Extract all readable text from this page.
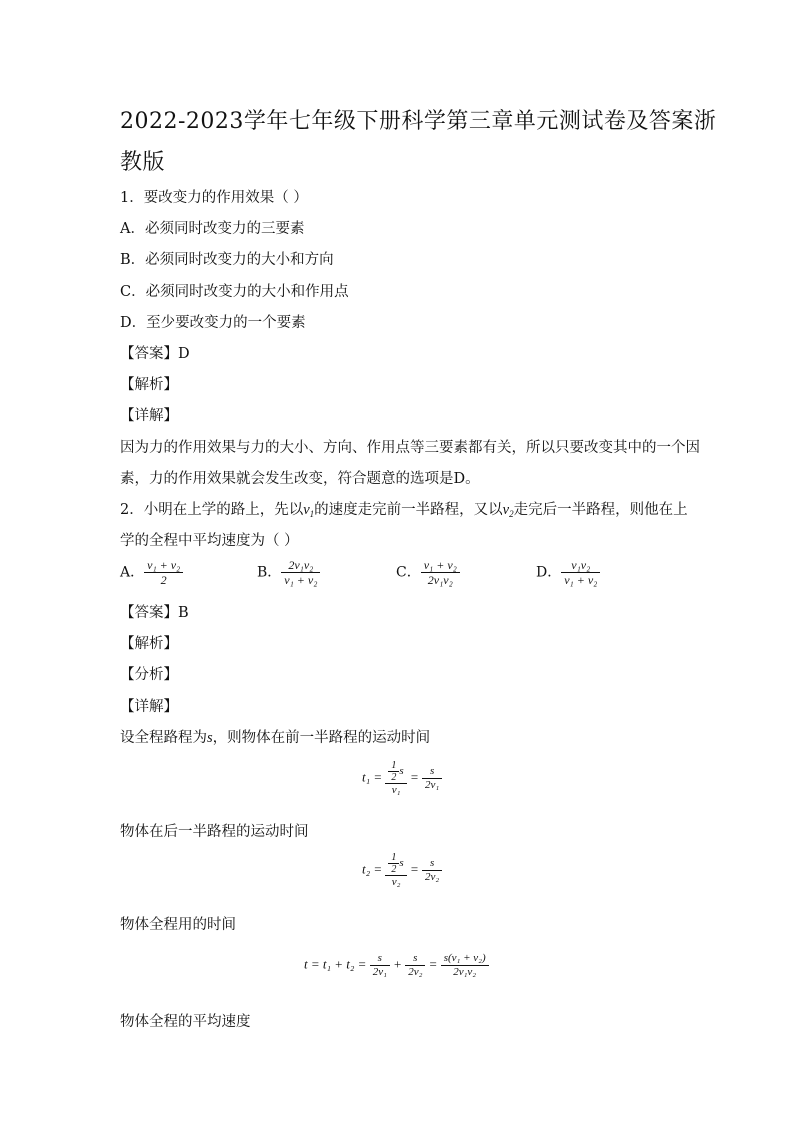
2022-2023学年七年级下册科学第三章单元测试卷及答案浙
教版
1．要改变力的作用效果（ ）
A．必须同时改变力的三要素
B．必须同时改变力的大小和方向
C．必须同时改变力的大小和作用点
D．至少要改变力的一个要素
【答案】D
【解析】
【详解】
因为力的作用效果与力的大小、方向、作用点等三要素都有关，所以只要改变其中的一个因
素，力的作用效果就会发生改变，符合题意的选项是D。
2．小明在上学的路上，先以$v_1$的速度走完前一半路程，又以$v_2$走完后一半路程，则他在上
学的全程中平均速度为（ ）
A． $\frac{\text{v₁ + v₂}}{2}$	B． $\frac{\text{2v₁v₂}}{\text{v₁ + v₂}}$	C． $\frac{\text{v₁ + v₂}}{\text{2v₁v₂}}$	D． $\frac{\text{v₁v₂}}{\text{v₁ + v₂}}$
【答案】B
【解析】
【分析】
【详解】
设全程路程为s，则物体在前一半路程的运动时间
$t_1 = \frac{\frac{1}{2} s}{\text{v₁}} = \frac{s}{\text{2v₁}}$
物体在后一半路程的运动时间
$t_2 = \frac{\frac{1}{2} s}{\text{v₂}} = \frac{s}{\text{2v₂}}$
物体全程用的时间
$t = t_1 + t_2 = \frac{s}{\text{2v₁}} + \frac{s}{\text{2v₂}} = \frac{\text{s(v₁ + v₂)}}{\text{2v₁v₂}}$
物体全程的平均速度
